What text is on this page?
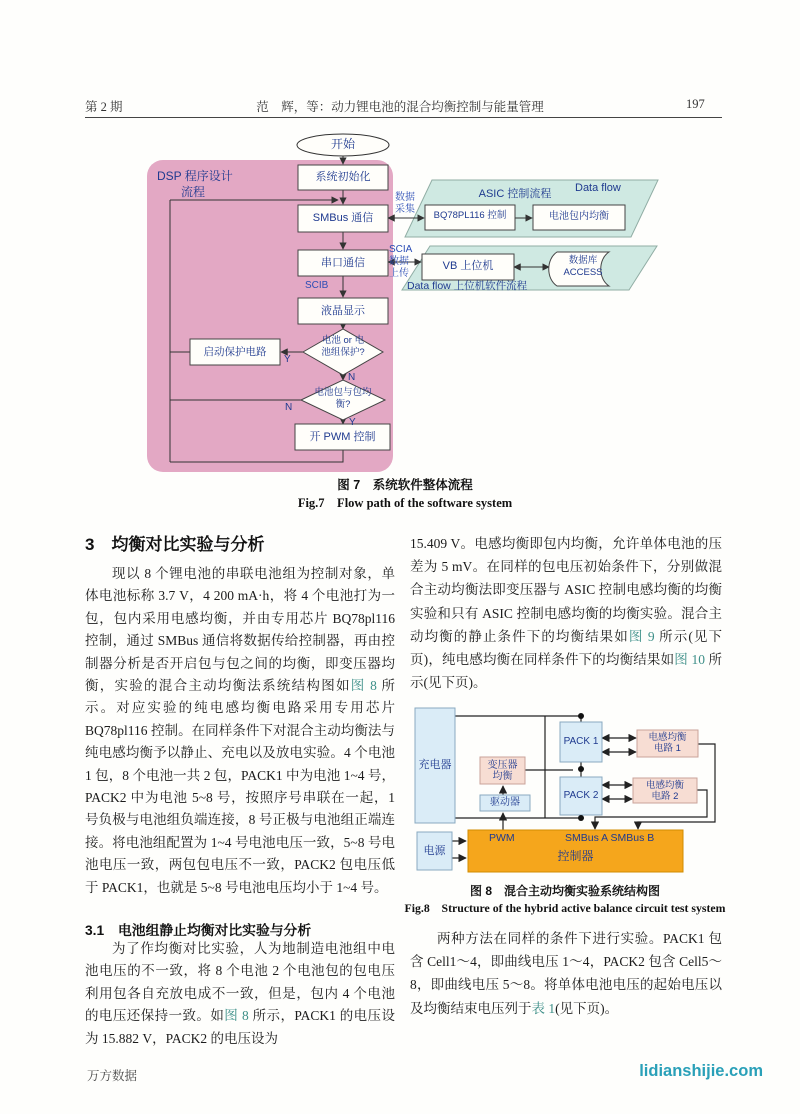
第 2 期	范　辉，等：动力锂电池的混合均衡控制与能量管理	197
开始
DSP 程序设计
流程
系统初始化
SMBus 通信
串口通信
液晶显示
启动保护电路
开 PWM 控制
电池 or 电
池组保护?
电池包与包均
衡?
Y
N
N
Y
数据
采集
SCIA
数据
上传
SCIB
ASIC 控制流程	Data flow
BQ78PL116 控制	电池包内均衡
VB 上位机	数据库
ACCESS
Data flow 上位机软件流程
图 7　系统软件整体流程
Fig.7　Flow path of the software system
3　均衡对比实验与分析
现以 8 个锂电池的串联电池组为控制对象，单体电池标称 3.7 V，4 200 mA·h，将 4 个电池打为一包，包内采用电感均衡，并由专用芯片 BQ78pl116 控制，通过 SMBus 通信将数据传给控制器，再由控制器分析是否开启包与包之间的均衡，即变压器均衡，实验的混合主动均衡法系统结构图如图 8 所示。对应实验的纯电感均衡电路采用专用芯片 BQ78pl116 控制。在同样条件下对混合主动均衡法与纯电感均衡予以静止、充电以及放电实验。4 个电池 1 包，8 个电池一共 2 包，PACK1 中为电池 1~4 号，PACK2 中为电池 5~8 号，按照序号串联在一起，1 号负极与电池组负端连接，8 号正极与电池组正端连接。将电池组配置为 1~4 号电池电压一致，5~8 号电池电压一致，两包包电压不一致，PACK2 包电压低于 PACK1，也就是 5~8 号电池电压均小于 1~4 号。
3.1　电池组静止均衡对比实验与分析
为了作均衡对比实验，人为地制造电池组中电池电压的不一致，将 8 个电池 2 个电池包的包电压利用包各自充放电成不一致，但是，包内 4 个电池的电压还保持一致。如图 8 所示，PACK1 的电压设为 15.882 V，PACK2 的电压设为
15.409 V。电感均衡即包内均衡，允许单体电池的压差为 5 mV。在同样的包电压初始条件下，分别做混合主动均衡法即变压器与 ASIC 控制电感均衡的均衡实验和只有 ASIC 控制电感均衡的均衡实验。混合主动均衡的静止条件下的均衡结果如图 9 所示(见下页)，纯电感均衡在同样条件下的均衡结果如图 10 所示(见下页)。
充电器
电源
变压器
均衡
驱动器
PACK 1
PACK 2
电感均衡
电路 1
电感均衡
电路 2
PWM	SMBus A SMBus B
控制器
图 8　混合主动均衡实验系统结构图
Fig.8　Structure of the hybrid active balance circuit test system
两种方法在同样的条件下进行实验。PACK1 包含 Cell1～4，即曲线电压 1～4，PACK2 包含 Cell5～8，即曲线电压 5～8。将单体电池电压的起始电压以及均衡结束电压列于表 1(见下页)。
万方数据	lidianshijie.com
